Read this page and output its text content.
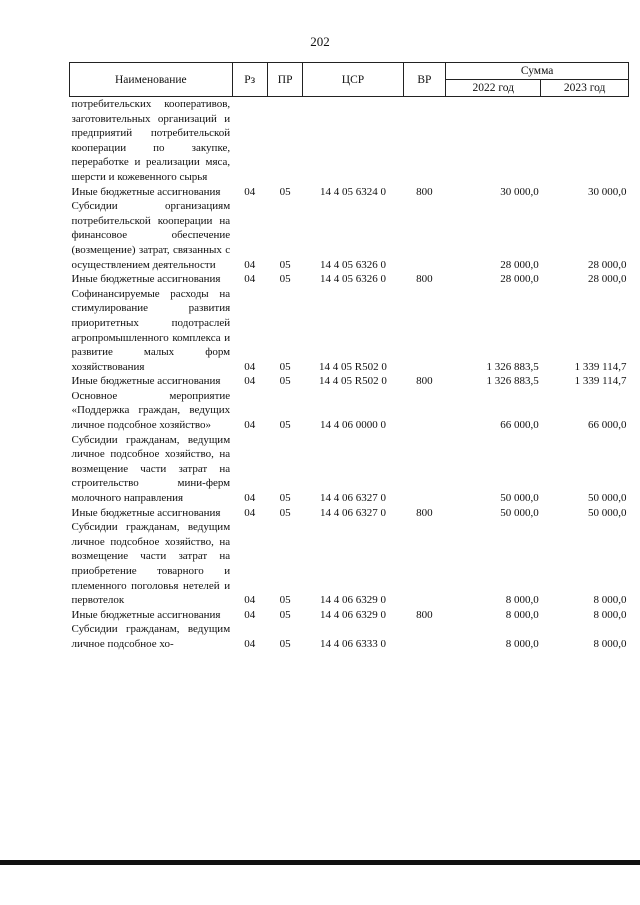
202
Наименование	Рз	ПР	ЦСР	ВР	Сумма	
					2022 год	2023 год
потребительских кооперативов, заготовительных организаций и предприятий потребительской кооперации по закупке, переработке и реализации мяса, шерсти и кожевенного сырья						
Иные бюджетные ассигнования	04	05	14 4 05 6324 0	800	30 000,0	30 000,0
Субсидии организациям потребительской кооперации на финансовое обеспечение (возмещение) затрат, связанных с осуществлением деятельности	04	05	14 4 05 6326 0		28 000,0	28 000,0
Иные бюджетные ассигнования	04	05	14 4 05 6326 0	800	28 000,0	28 000,0
Софинансируемые расходы на стимулирование развития приоритетных подотраслей агропромышленного комплекса и развитие малых форм хозяйствования	04	05	14 4 05 R502 0		1 326 883,5	1 339 114,7
Иные бюджетные ассигнования	04	05	14 4 05 R502 0	800	1 326 883,5	1 339 114,7
Основное мероприятие «Поддержка граждан, ведущих личное подсобное хозяйство»	04	05	14 4 06 0000 0		66 000,0	66 000,0
Субсидии гражданам, ведущим личное подсобное хозяйство, на возмещение части затрат на строительство мини-ферм молочного направления	04	05	14 4 06 6327 0		50 000,0	50 000,0
Иные бюджетные ассигнования	04	05	14 4 06 6327 0	800	50 000,0	50 000,0
Субсидии гражданам, ведущим личное подсобное хозяйство, на возмещение части затрат на приобретение товарного и племенного поголовья нетелей и первотелок	04	05	14 4 06 6329 0		8 000,0	8 000,0
Иные бюджетные ассигнования	04	05	14 4 06 6329 0	800	8 000,0	8 000,0
Субсидии гражданам, ведущим личное подсобное хо-	04	05	14 4 06 6333 0		8 000,0	8 000,0
